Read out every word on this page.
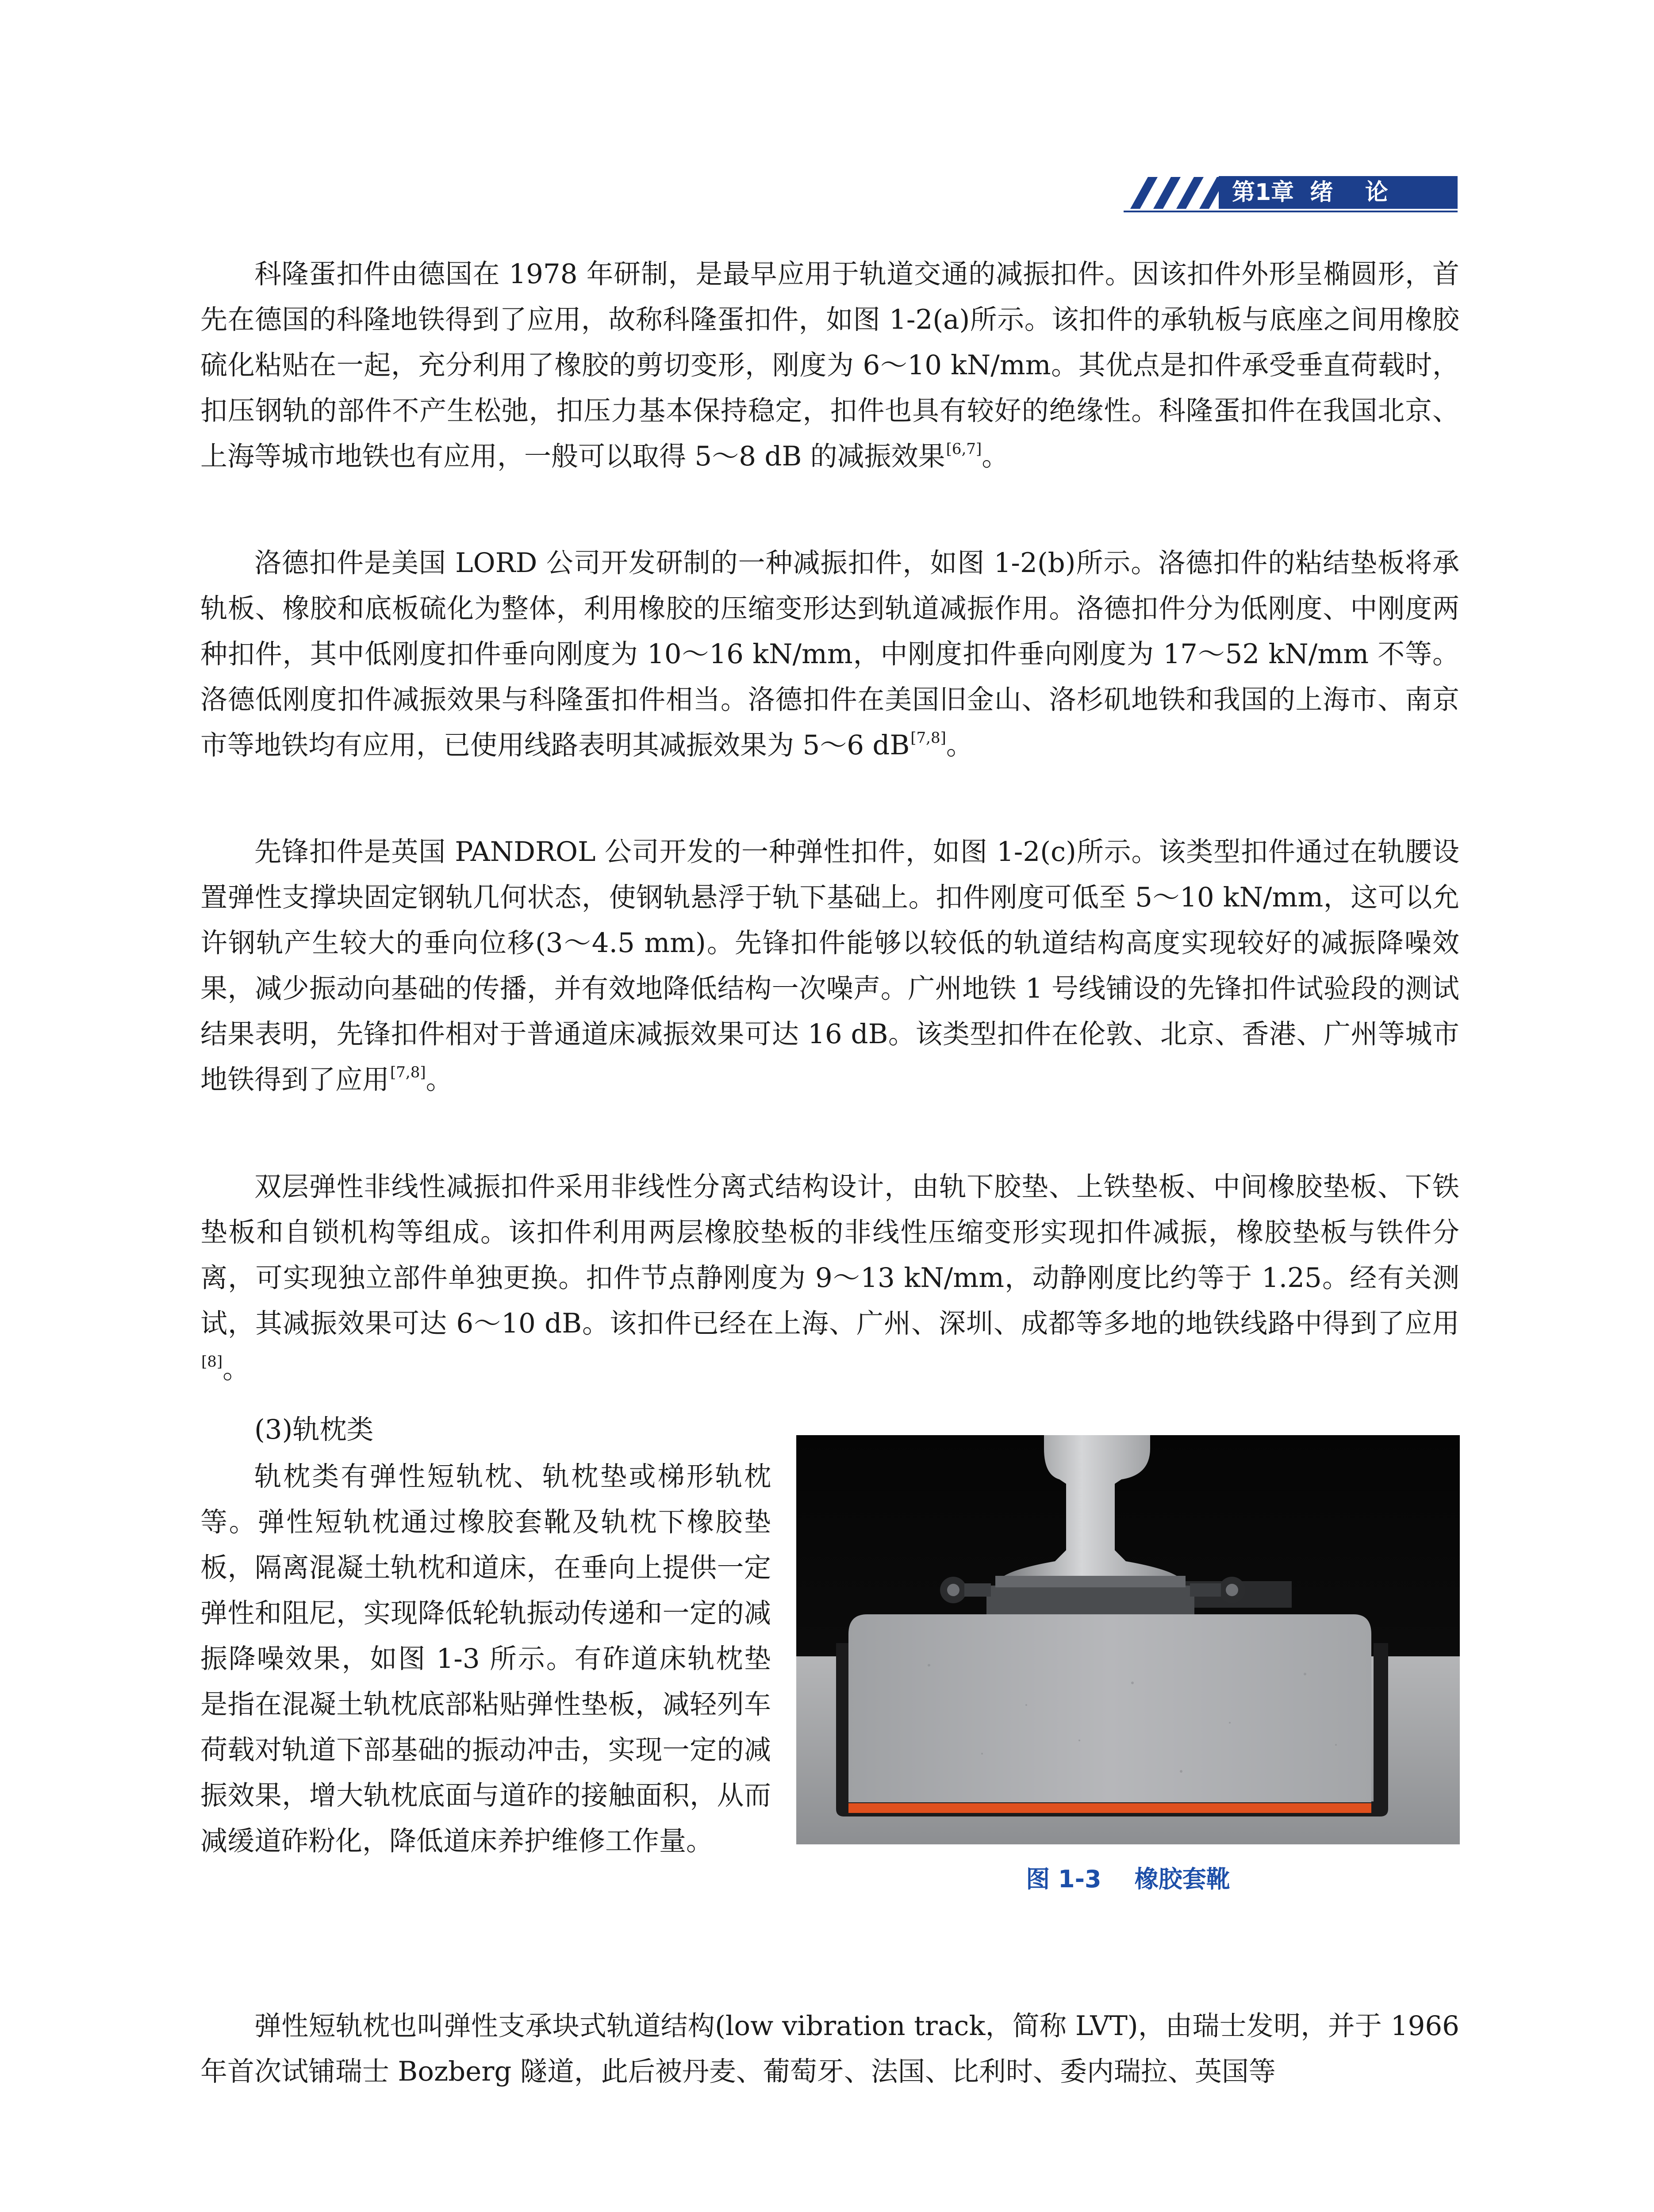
第1章 绪    论

科隆蛋扣件由德国在 1978 年研制，是最早应用于轨道交通的减振扣件。因该扣件外形呈椭圆形，首先在德国的科隆地铁得到了应用，故称科隆蛋扣件，如图 1-2(a)所示。该扣件的承轨板与底座之间用橡胶硫化粘贴在一起，充分利用了橡胶的剪切变形，刚度为 6～10 kN/mm。其优点是扣件承受垂直荷载时，扣压钢轨的部件不产生松弛，扣压力基本保持稳定，扣件也具有较好的绝缘性。科隆蛋扣件在我国北京、上海等城市地铁也有应用，一般可以取得 5～8 dB 的减振效果[6,7]。

洛德扣件是美国 LORD 公司开发研制的一种减振扣件，如图 1-2(b)所示。洛德扣件的粘结垫板将承轨板、橡胶和底板硫化为整体，利用橡胶的压缩变形达到轨道减振作用。洛德扣件分为低刚度、中刚度两种扣件，其中低刚度扣件垂向刚度为 10～16 kN/mm，中刚度扣件垂向刚度为 17～52 kN/mm 不等。洛德低刚度扣件减振效果与科隆蛋扣件相当。洛德扣件在美国旧金山、洛杉矶地铁和我国的上海市、南京市等地铁均有应用，已使用线路表明其减振效果为 5～6 dB[7,8]。

先锋扣件是英国 PANDROL 公司开发的一种弹性扣件，如图 1-2(c)所示。该类型扣件通过在轨腰设置弹性支撑块固定钢轨几何状态，使钢轨悬浮于轨下基础上。扣件刚度可低至 5～10 kN/mm，这可以允许钢轨产生较大的垂向位移(3～4.5 mm)。先锋扣件能够以较低的轨道结构高度实现较好的减振降噪效果，减少振动向基础的传播，并有效地降低结构一次噪声。广州地铁 1 号线铺设的先锋扣件试验段的测试结果表明，先锋扣件相对于普通道床减振效果可达 16 dB。该类型扣件在伦敦、北京、香港、广州等城市地铁得到了应用[7,8]。

双层弹性非线性减振扣件采用非线性分离式结构设计，由轨下胶垫、上铁垫板、中间橡胶垫板、下铁垫板和自锁机构等组成。该扣件利用两层橡胶垫板的非线性压缩变形实现扣件减振，橡胶垫板与铁件分离，可实现独立部件单独更换。扣件节点静刚度为 9～13 kN/mm，动静刚度比约等于 1.25。经有关测试，其减振效果可达 6～10 dB。该扣件已经在上海、广州、深圳、成都等多地的地铁线路中得到了应用[8]。

(3)轨枕类

轨枕类有弹性短轨枕、轨枕垫或梯形轨枕等。弹性短轨枕通过橡胶套靴及轨枕下橡胶垫板，隔离混凝土轨枕和道床，在垂向上提供一定弹性和阻尼，实现降低轮轨振动传递和一定的减振降噪效果，如图 1-3 所示。有砟道床轨枕垫是指在混凝土轨枕底部粘贴弹性垫板，减轻列车荷载对轨道下部基础的振动冲击，实现一定的减振效果，增大轨枕底面与道砟的接触面积，从而减缓道砟粉化，降低道床养护维修工作量。

图 1-3    橡胶套靴

弹性短轨枕也叫弹性支承块式轨道结构(low vibration track，简称 LVT)，由瑞士发明，并于 1966 年首次试铺瑞士 Bozberg 隧道，此后被丹麦、葡萄牙、法国、比利时、委内瑞拉、英国等
